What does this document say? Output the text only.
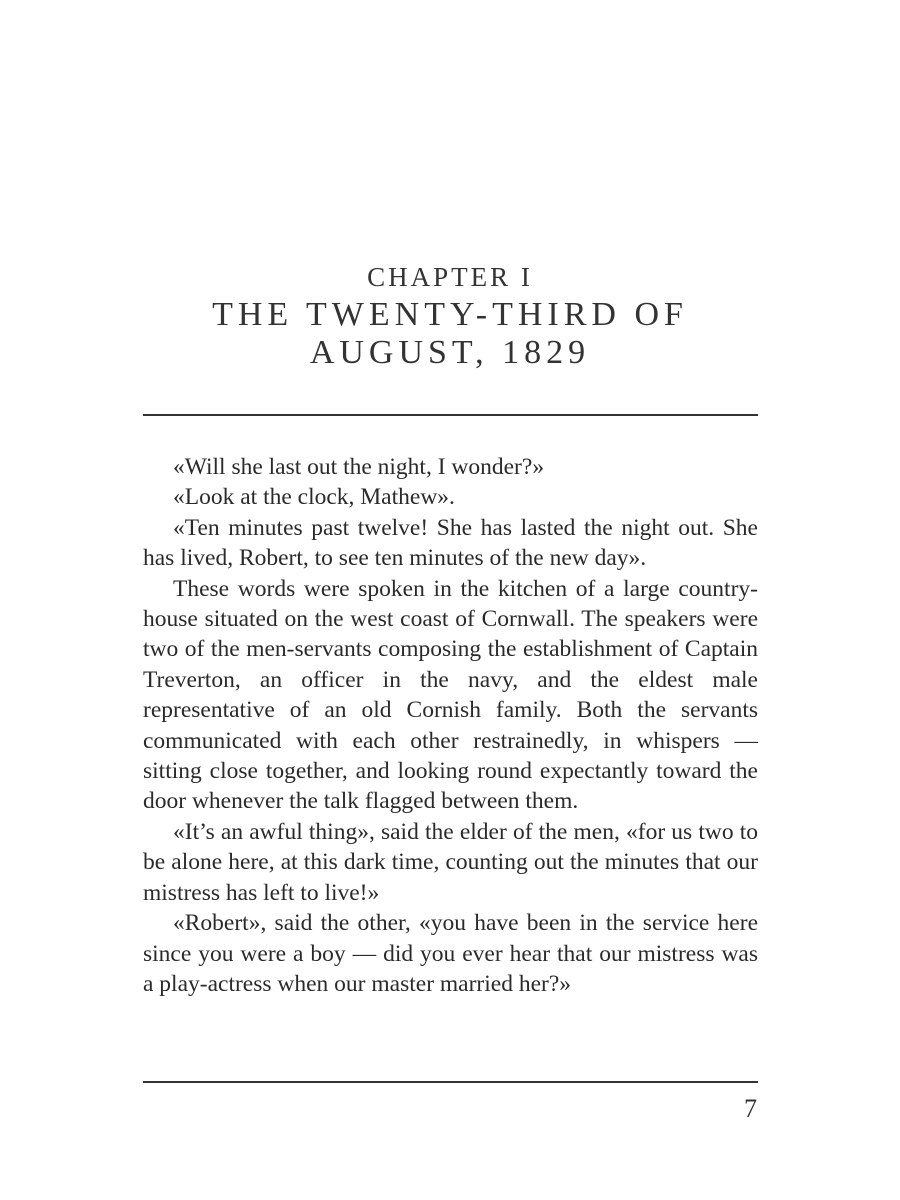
CHAPTER I
THE TWENTY-THIRD OF AUGUST, 1829

«Will she last out the night, I wonder?»

«Look at the clock, Mathew».

«Ten minutes past twelve! She has lasted the night out. She has lived, Robert, to see ten minutes of the new day».

These words were spoken in the kitchen of a large country-house situated on the west coast of Cornwall. The speakers were two of the men-servants composing the establishment of Captain Treverton, an officer in the navy, and the eldest male representative of an old Cornish family. Both the servants communicated with each other restrainedly, in whispers — sitting close together, and looking round expectantly toward the door whenever the talk flagged between them.

«It’s an awful thing», said the elder of the men, «for us two to be alone here, at this dark time, counting out the minutes that our mistress has left to live!»

«Robert», said the other, «you have been in the service here since you were a boy — did you ever hear that our mistress was a play-actress when our master married her?»

7
